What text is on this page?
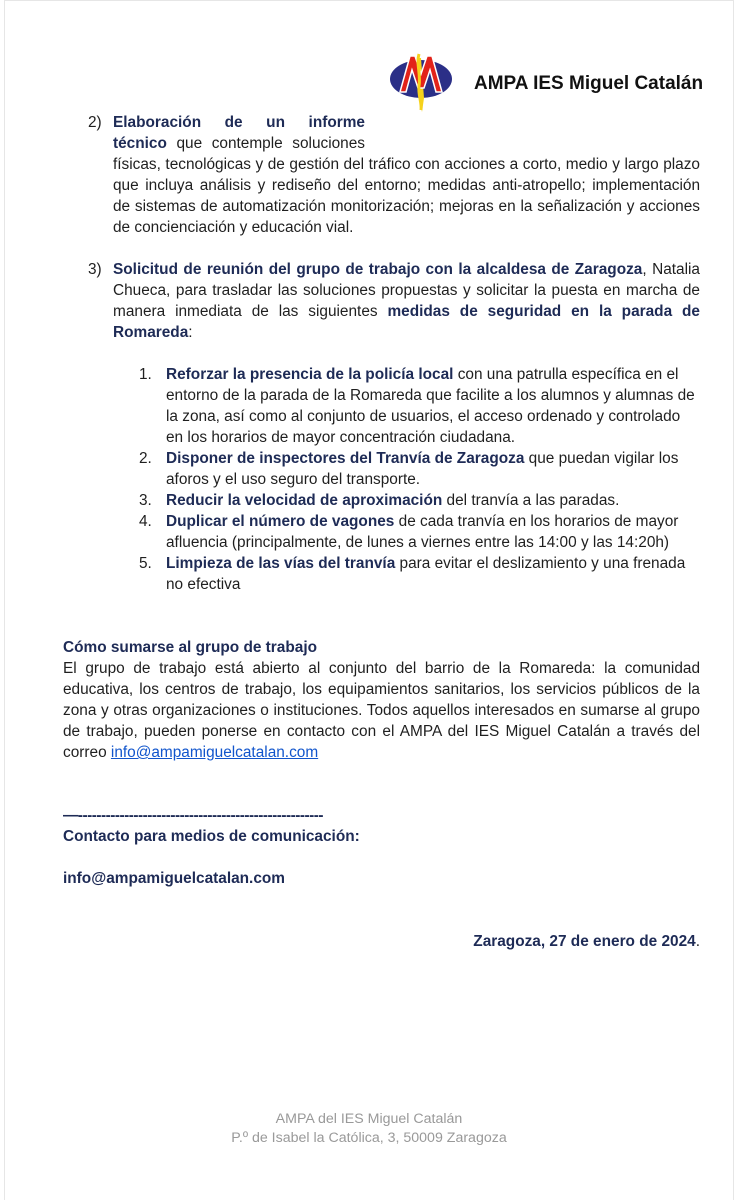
AMPA IES Miguel Catalán
2) Elaboración de un informe
técnico que contemple soluciones
físicas, tecnológicas y de gestión del tráfico con acciones a corto, medio y largo plazo que incluya análisis y rediseño del entorno; medidas anti-atropello; implementación de sistemas de automatización monitorización; mejoras en la señalización y acciones de concienciación y educación vial.
3) Solicitud de reunión del grupo de trabajo con la alcaldesa de Zaragoza, Natalia Chueca, para trasladar las soluciones propuestas y solicitar la puesta en marcha de manera inmediata de las siguientes medidas de seguridad en la parada de Romareda:
1. Reforzar la presencia de la policía local con una patrulla específica en el entorno de la parada de la Romareda que facilite a los alumnos y alumnas de la zona, así como al conjunto de usuarios, el acceso ordenado y controlado en los horarios de mayor concentración ciudadana.
2. Disponer de inspectores del Tranvía de Zaragoza que puedan vigilar los aforos y el uso seguro del transporte.
3. Reducir la velocidad de aproximación del tranvía a las paradas.
4. Duplicar el número de vagones de cada tranvía en los horarios de mayor afluencia (principalmente, de lunes a viernes entre las 14:00 y las 14:20h)
5. Limpieza de las vías del tranvía para evitar el deslizamiento y una frenada no efectiva
Cómo sumarse al grupo de trabajo
El grupo de trabajo está abierto al conjunto del barrio de la Romareda: la comunidad educativa, los centros de trabajo, los equipamientos sanitarios, los servicios públicos de la zona y otras organizaciones o instituciones. Todos aquellos interesados en sumarse al grupo de trabajo, pueden ponerse en contacto con el AMPA del IES Miguel Catalán a través del correo info@ampamiguelcatalan.com
—-----------------------------------------------------
Contacto para medios de comunicación:
info@ampamiguelcatalan.com
Zaragoza, 27 de enero de 2024.
AMPA del IES Miguel Catalán
P.º de Isabel la Católica, 3, 50009 Zaragoza
